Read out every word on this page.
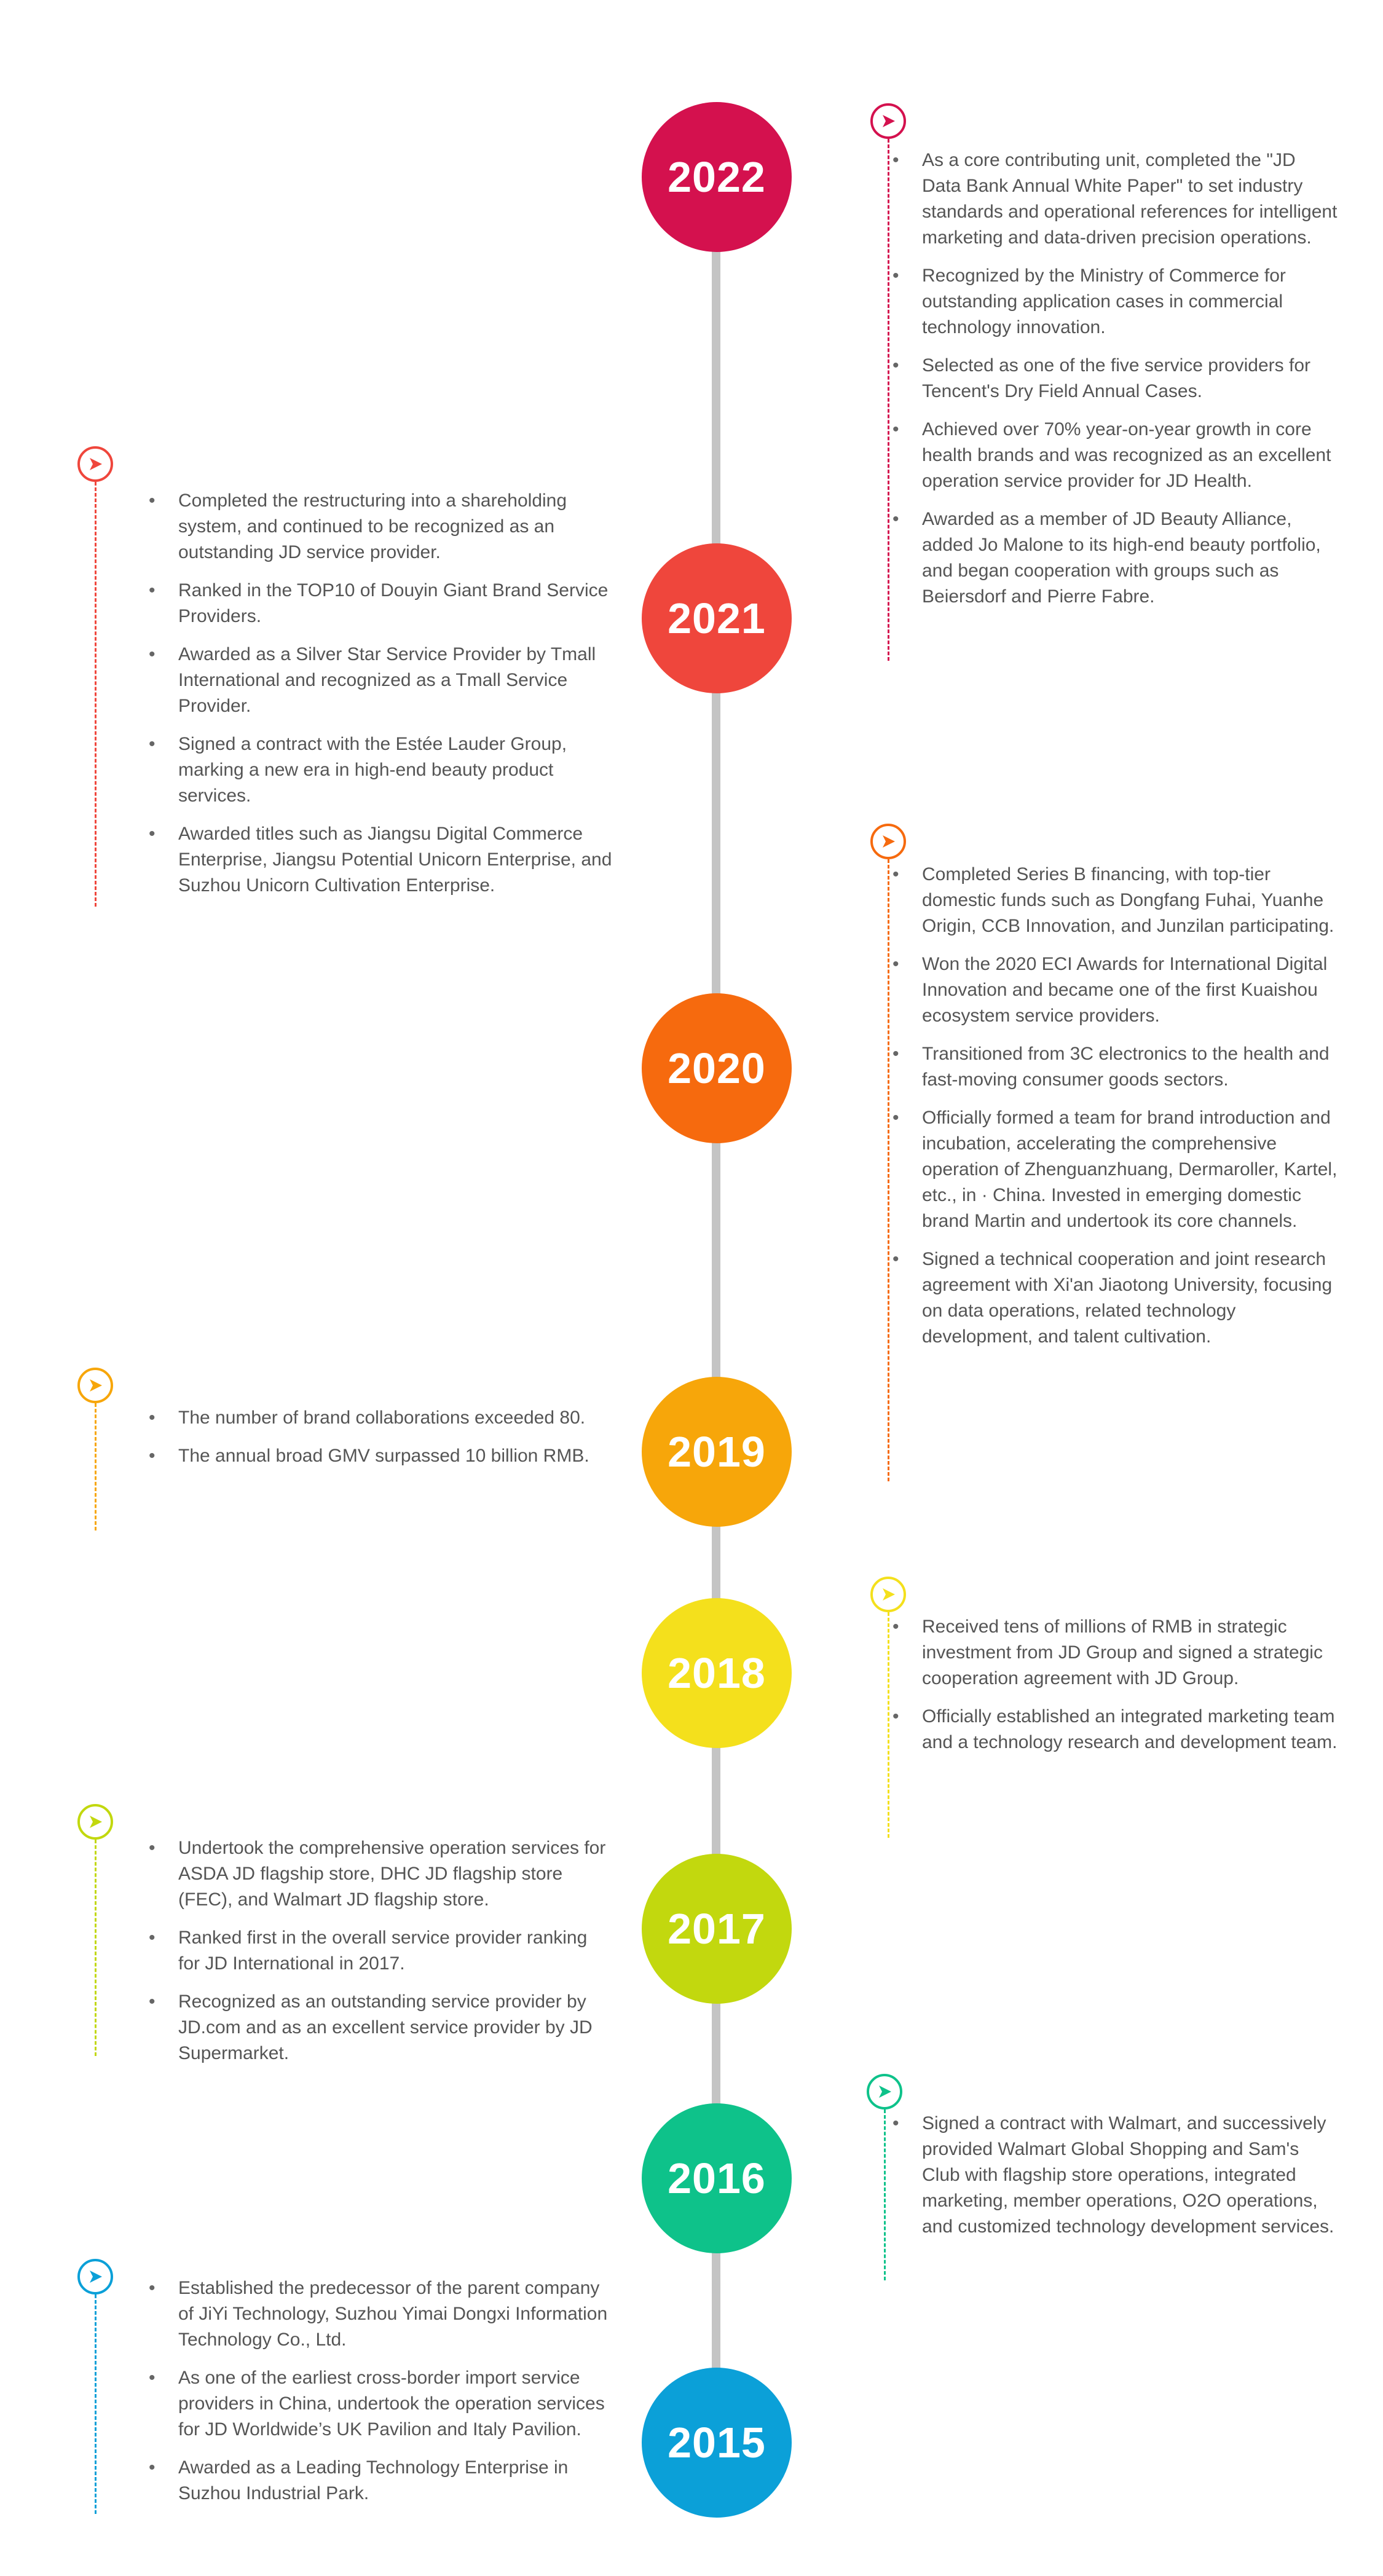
• As a core contributing unit, completed the "JD Data Bank Annual White Paper" to set industry standards and operational references for intelligent marketing and data-driven precision operations.
• Recognized by the Ministry of Commerce for outstanding application cases in commercial technology innovation.
• Selected as one of the five service providers for Tencent's Dry Field Annual Cases.
• Achieved over 70% year-on-year growth in core health brands and was recognized as an excellent operation service provider for JD Health.
• Awarded as a member of JD Beauty Alliance, added Jo Malone to its high-end beauty portfolio, and began cooperation with groups such as Beiersdorf and Pierre Fabre.
2022
• Completed the restructuring into a shareholding system, and continued to be recognized as an outstanding JD service provider.
• Ranked in the TOP10 of Douyin Giant Brand Service Providers.
• Awarded as a Silver Star Service Provider by Tmall International and recognized as a Tmall Service Provider.
• Signed a contract with the Estée Lauder Group, marking a new era in high-end beauty product services.
• Awarded titles such as Jiangsu Digital Commerce Enterprise, Jiangsu Potential Unicorn Enterprise, and Suzhou Unicorn Cultivation Enterprise.
2021
• Completed Series B financing, with top-tier domestic funds such as Dongfang Fuhai, Yuanhe Origin, CCB Innovation, and Junzilan participating.
• Won the 2020 ECI Awards for International Digital Innovation and became one of the first Kuaishou ecosystem service providers.
• Transitioned from 3C electronics to the health and fast-moving consumer goods sectors.
• Officially formed a team for brand introduction and incubation, accelerating the comprehensive operation of Zhenguanzhuang, Dermaroller, Kartel, etc., in · China. Invested in emerging domestic brand Martin and undertook its core channels.
• Signed a technical cooperation and joint research agreement with Xi'an Jiaotong University, focusing on data operations, related technology development, and talent cultivation.
2020
• The number of brand collaborations exceeded 80.
• The annual broad GMV surpassed 10 billion RMB.	2019
• Received tens of millions of RMB in strategic investment from JD Group and signed a strategic cooperation agreement with JD Group.
• Officially established an integrated marketing team and a technology research and development team.
2018
• Undertook the comprehensive operation services for ASDA JD flagship store, DHC JD flagship store (FEC), and Walmart JD flagship store.
• Ranked first in the overall service provider ranking for JD International in 2017.
• Recognized as an outstanding service provider by JD.com and as an excellent service provider by JD Supermarket.
2017
• Signed a contract with Walmart, and successively provided Walmart Global Shopping and Sam's Club with flagship store operations, integrated marketing, member operations, O2O operations, and customized technology development services.
2016
• Established the predecessor of the parent company of JiYi Technology, Suzhou Yimai Dongxi Information Technology Co., Ltd.
• As one of the earliest cross-border import service providers in China, undertook the operation services for JD Worldwide’s UK Pavilion and Italy Pavilion.
• Awarded as a Leading Technology Enterprise in Suzhou Industrial Park.
2015
